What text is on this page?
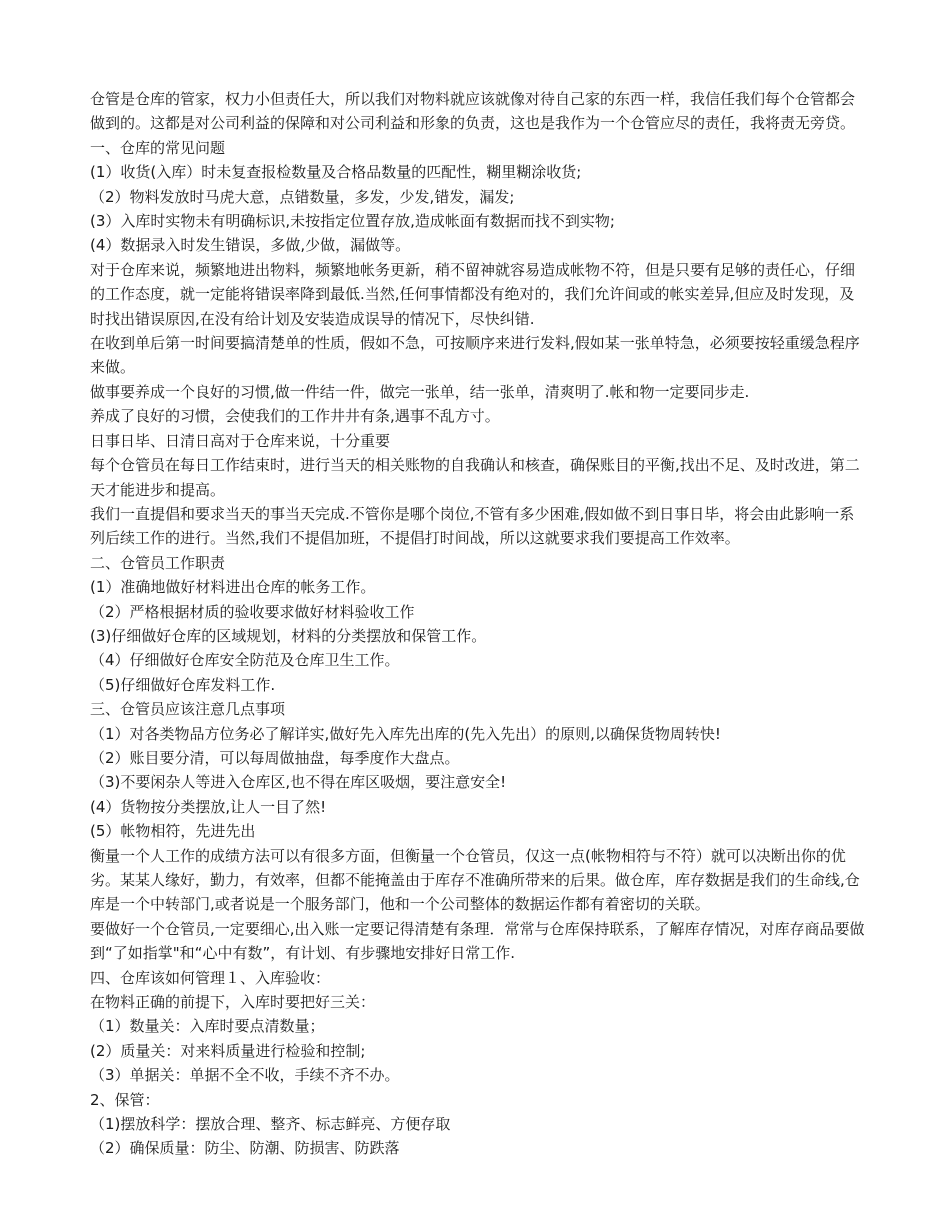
仓管是仓库的管家，权力小但责任大，所以我们对物料就应该就像对待自己家的东西一样，我信任我们每个仓管都会做到的。这都是对公司利益的保障和对公司利益和形象的负责，这也是我作为一个仓管应尽的责任，我将责无旁贷。

一、仓库的常见问题

(1）收货(入库）时未复查报检数量及合格品数量的匹配性，糊里糊涂收货;

（2）物料发放时马虎大意，点错数量，多发，少发,错发，漏发;

(3）入库时实物未有明确标识,未按指定位置存放,造成帐面有数据而找不到实物;

(4）数据录入时发生错误，多做,少做，漏做等。

对于仓库来说，频繁地进出物料，频繁地帐务更新，稍不留神就容易造成帐物不符，但是只要有足够的责任心，仔细的工作态度，就一定能将错误率降到最低.当然,任何事情都没有绝对的，我们允许间或的帐实差异,但应及时发现，及时找出错误原因,在没有给计划及安装造成误导的情况下，尽快纠错.

在收到单后第一时间要搞清楚单的性质，假如不急，可按顺序来进行发料,假如某一张单特急，必须要按轻重缓急程序来做。

做事要养成一个良好的习惯,做一件结一件，做完一张单，结一张单，清爽明了.帐和物一定要同步走.

养成了良好的习惯，会使我们的工作井井有条,遇事不乱方寸。

日事日毕、日清日高对于仓库来说，十分重要

每个仓管员在每日工作结束时，进行当天的相关账物的自我确认和核查，确保账目的平衡,找出不足、及时改进，第二天才能进步和提高。

我们一直提倡和要求当天的事当天完成.不管你是哪个岗位,不管有多少困难,假如做不到日事日毕，将会由此影响一系列后续工作的进行。当然,我们不提倡加班，不提倡打时间战，所以这就要求我们要提高工作效率。

二、仓管员工作职责

(1）准确地做好材料进出仓库的帐务工作。

（2）严格根据材质的验收要求做好材料验收工作

(3)仔细做好仓库的区域规划，材料的分类摆放和保管工作。

（4）仔细做好仓库安全防范及仓库卫生工作。

（5)仔细做好仓库发料工作.

三、仓管员应该注意几点事项

（1）对各类物品方位务必了解详实,做好先入库先出库的(先入先出）的原则,以确保货物周转快!

（2）账目要分清，可以每周做抽盘，每季度作大盘点。

（3)不要闲杂人等进入仓库区,也不得在库区吸烟，要注意安全!

(4）货物按分类摆放,让人一目了然!

(5）帐物相符，先进先出

衡量一个人工作的成绩方法可以有很多方面，但衡量一个仓管员，仅这一点(帐物相符与不符）就可以决断出你的优劣。某某人缘好，勤力，有效率，但都不能掩盖由于库存不准确所带来的后果。做仓库，库存数据是我们的生命线,仓库是一个中转部门,或者说是一个服务部门，他和一个公司整体的数据运作都有着密切的关联。

要做好一个仓管员,一定要细心,出入账一定要记得清楚有条理．常常与仓库保持联系，了解库存情况，对库存商品要做到“了如指掌"和“心中有数”，有计划、有步骤地安排好日常工作.

四、仓库该如何管理１、入库验收：

在物料正确的前提下，入库时要把好三关：

（1）数量关：入库时要点清数量；

(2）质量关：对来料质量进行检验和控制;

（3）单据关：单据不全不收，手续不齐不办。

2、保管：

（1)摆放科学：摆放合理、整齐、标志鲜亮、方便存取

（2）确保质量：防尘、防潮、防损害、防跌落
